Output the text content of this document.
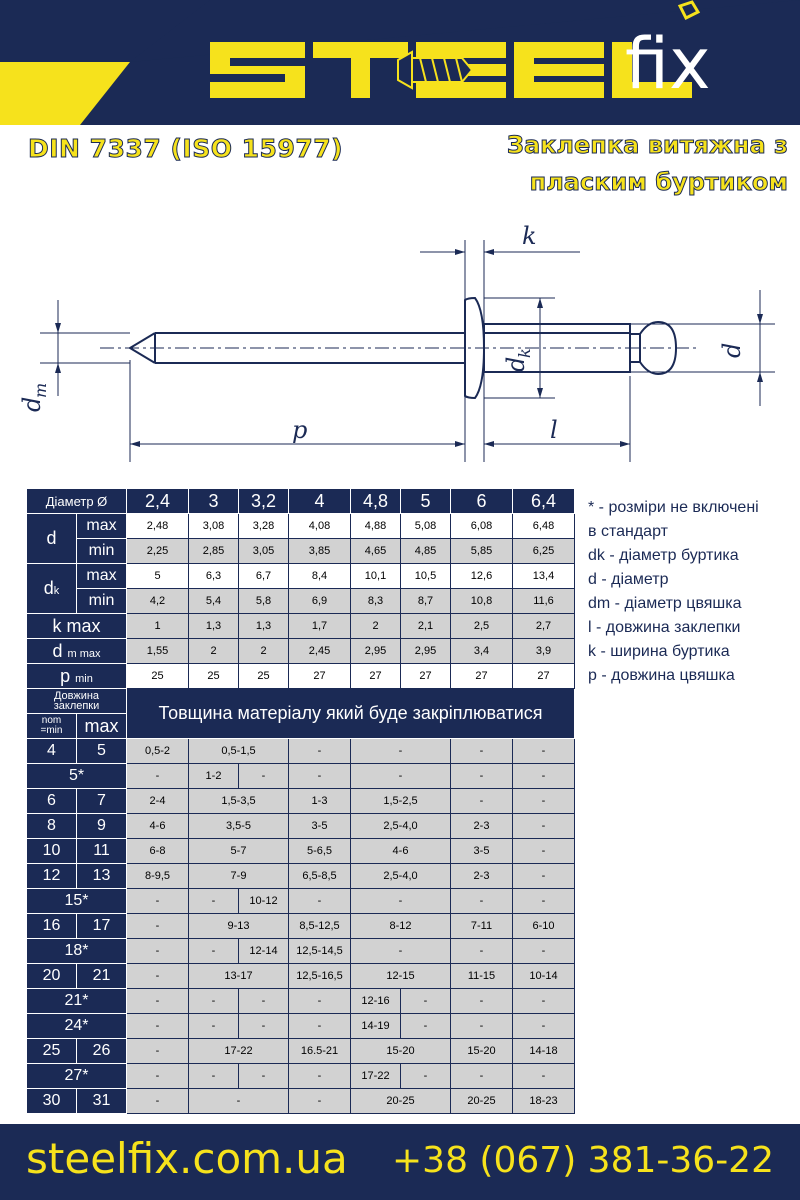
fix
DIN 7337 (ISO 15977)	Заклепка витяжна з
пласким буртиком
k
p	l
d
d
k
d
m
Діаметр Ø		2,4	3	3,2	4	4,8	5	6	6,4
d	max	2,48	3,08	3,28	4,08	4,88	5,08	6,08	6,48
	min	2,25	2,85	3,05	3,85	4,65	4,85	5,85	6,25
dk	max	5	6,3	6,7	8,4	10,1	10,5	12,6	13,4
	min	4,2	5,4	5,8	6,9	8,3	8,7	10,8	11,6
k max		1	1,3	1,3	1,7	2	2,1	2,5	2,7
d m max		1,55	2	2	2,45	2,95	2,95	3,4	3,9
p min		25	25	25	27	27	27	27	27

Довжина
заклепки		Товщина матеріалу який буде закріплюватися							

nom
=min	max								
4	5	0,5-2	0,5-1,5		-	-		-	-
5*		-	1-2	-	-	-		-	-
6	7	2-4	1,5-3,5		1-3	1,5-2,5		-	-
8	9	4-6	3,5-5		3-5	2,5-4,0		2-3	-
10	11	6-8	5-7		5-6,5	4-6		3-5	-
12	13	8-9,5	7-9		6,5-8,5	2,5-4,0		2-3	-
15*		-	-	10-12	-	-		-	-
16	17	-	9-13		8,5-12,5	8-12		7-11	6-10
18*		-	-	12-14	12,5-14,5	-		-	-
20	21	-	13-17		12,5-16,5	12-15		11-15	10-14
21*		-	-	-	-	12-16	-	-	-
24*		-	-	-	-	14-19	-	-	-
25	26	-	17-22		16.5-21	15-20		15-20	14-18
27*		-	-	-	-	17-22	-	-	-
30	31	-	-		-	20-25		20-25	18-23
* - розміри не включені
в стандарт
dk - діаметр буртика
d - діаметр
dm - діаметр цвяшка
l - довжина заклепки
k - ширина буртика
p - довжина цвяшка
steelfix.com.ua +38 (067) 381-36-22
